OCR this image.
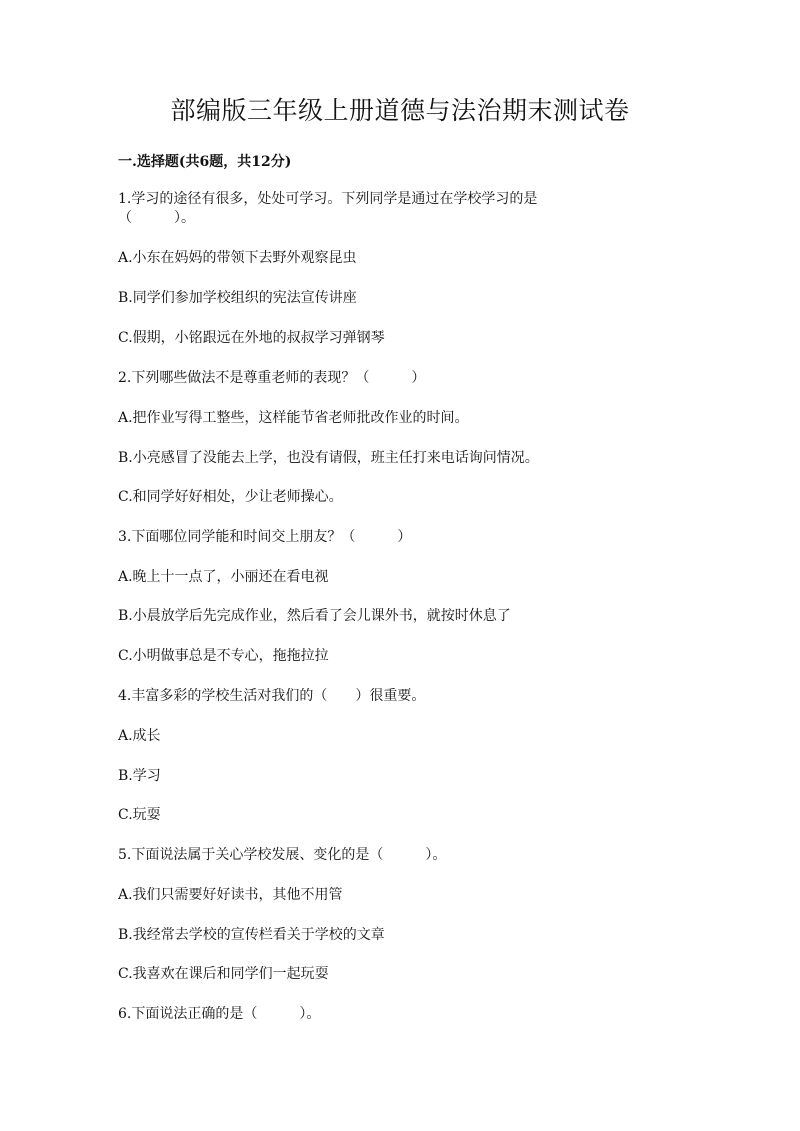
部编版三年级上册道德与法治期末测试卷
一.选择题(共6题，共12分)
1.学习的途径有很多，处处可学习。下列同学是通过在学校学习的是
（　　　）。
A.小东在妈妈的带领下去野外观察昆虫
B.同学们参加学校组织的宪法宣传讲座
C.假期，小铭跟远在外地的叔叔学习弹钢琴
2.下列哪些做法不是尊重老师的表现？（　　　）
A.把作业写得工整些，这样能节省老师批改作业的时间。
B.小亮感冒了没能去上学，也没有请假，班主任打来电话询问情况。
C.和同学好好相处，少让老师操心。
3.下面哪位同学能和时间交上朋友？（　　　）
A.晚上十一点了，小丽还在看电视
B.小晨放学后先完成作业，然后看了会儿课外书，就按时休息了
C.小明做事总是不专心，拖拖拉拉
4.丰富多彩的学校生活对我们的（　　）很重要。
A.成长
B.学习
C.玩耍
5.下面说法属于关心学校发展、变化的是（　　　）。
A.我们只需要好好读书，其他不用管
B.我经常去学校的宣传栏看关于学校的文章
C.我喜欢在课后和同学们一起玩耍
6.下面说法正确的是（　　　）。
